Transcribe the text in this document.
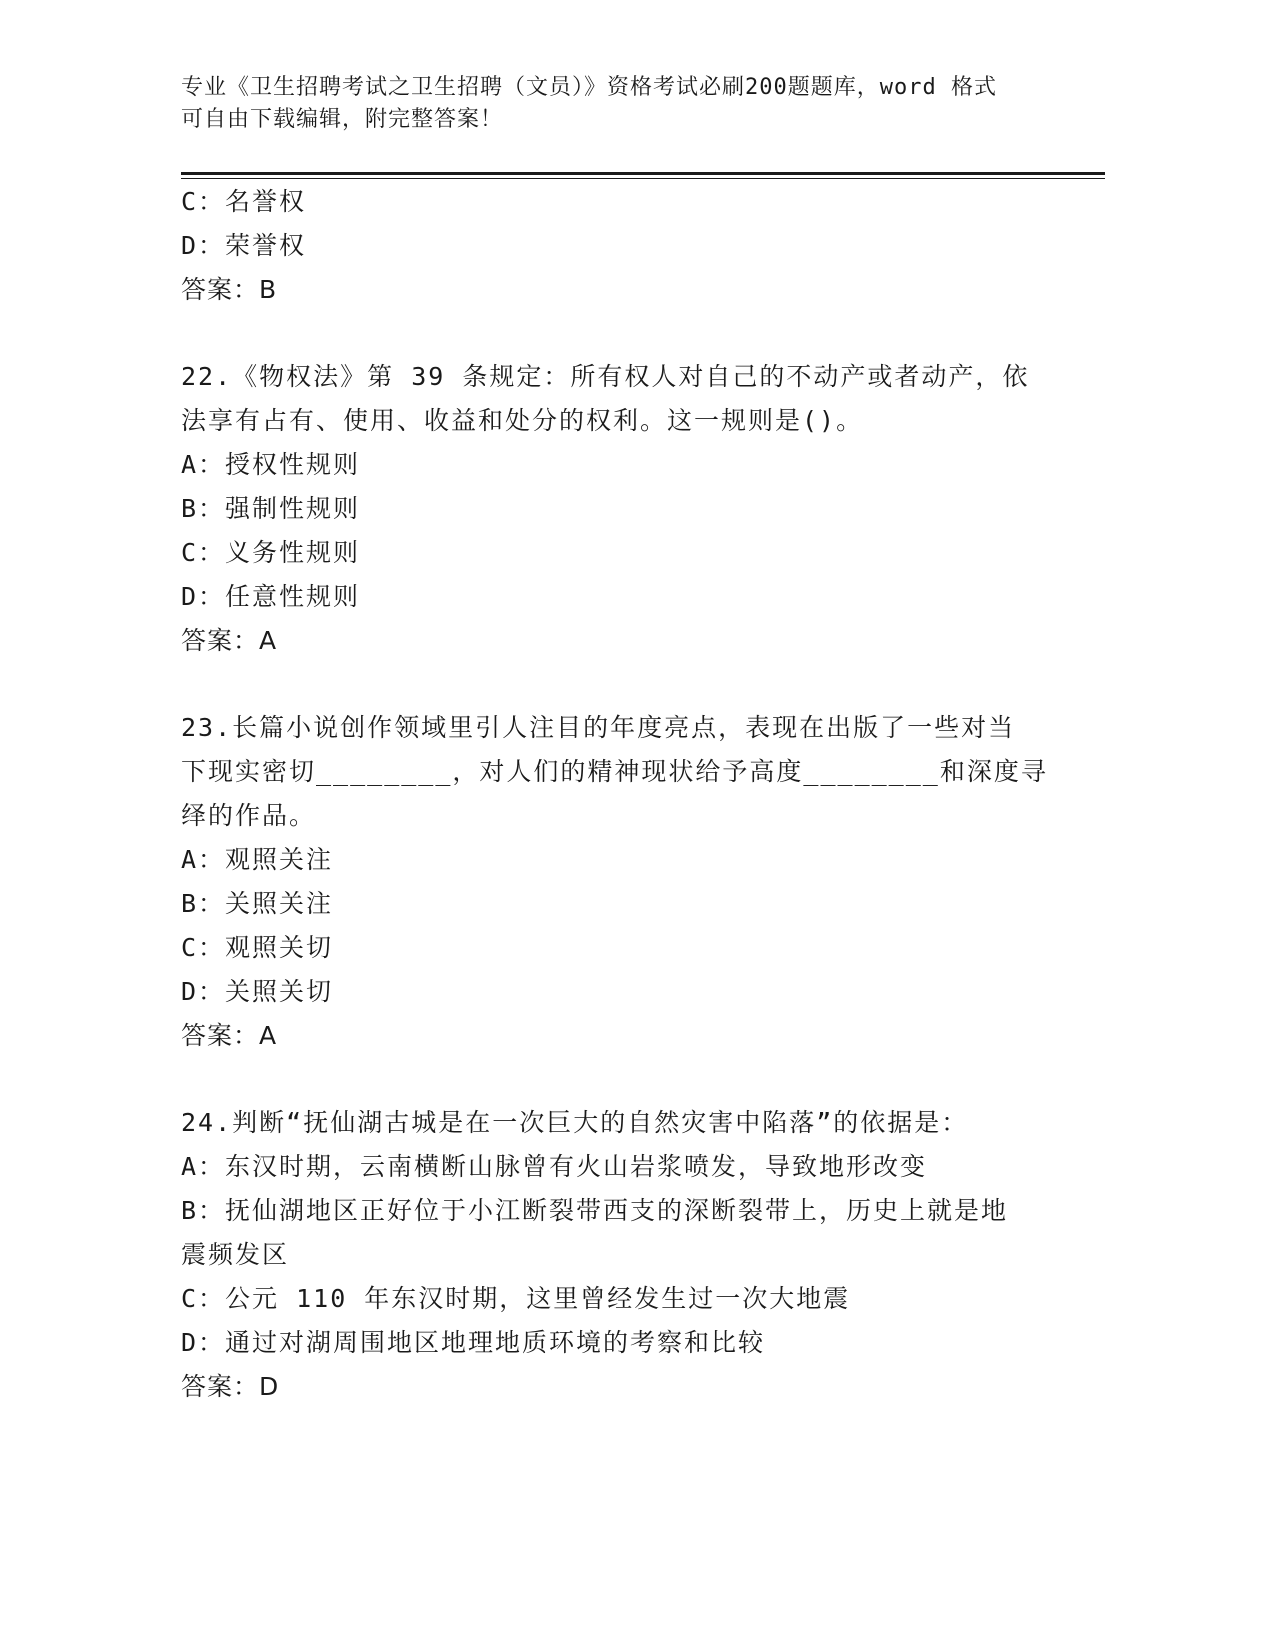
专业《卫生招聘考试之卫生招聘（文员）》资格考试必刷200题题库，word 格式
可自由下载编辑，附完整答案！
C：名誉权
D：荣誉权
答案：B
22.《物权法》第 39 条规定：所有权人对自己的不动产或者动产，依
法享有占有、使用、收益和处分的权利。这一规则是()。
A：授权性规则
B：强制性规则
C：义务性规则
D：任意性规则
答案：A
23.长篇小说创作领域里引人注目的年度亮点，表现在出版了一些对当
下现实密切________，对人们的精神现状给予高度________和深度寻
绎的作品。
A：观照关注
B：关照关注
C：观照关切
D：关照关切
答案：A
24.判断“抚仙湖古城是在一次巨大的自然灾害中陷落”的依据是：
A：东汉时期，云南横断山脉曾有火山岩浆喷发，导致地形改变
B：抚仙湖地区正好位于小江断裂带西支的深断裂带上，历史上就是地
震频发区
C：公元 110 年东汉时期，这里曾经发生过一次大地震
D：通过对湖周围地区地理地质环境的考察和比较
答案：D
